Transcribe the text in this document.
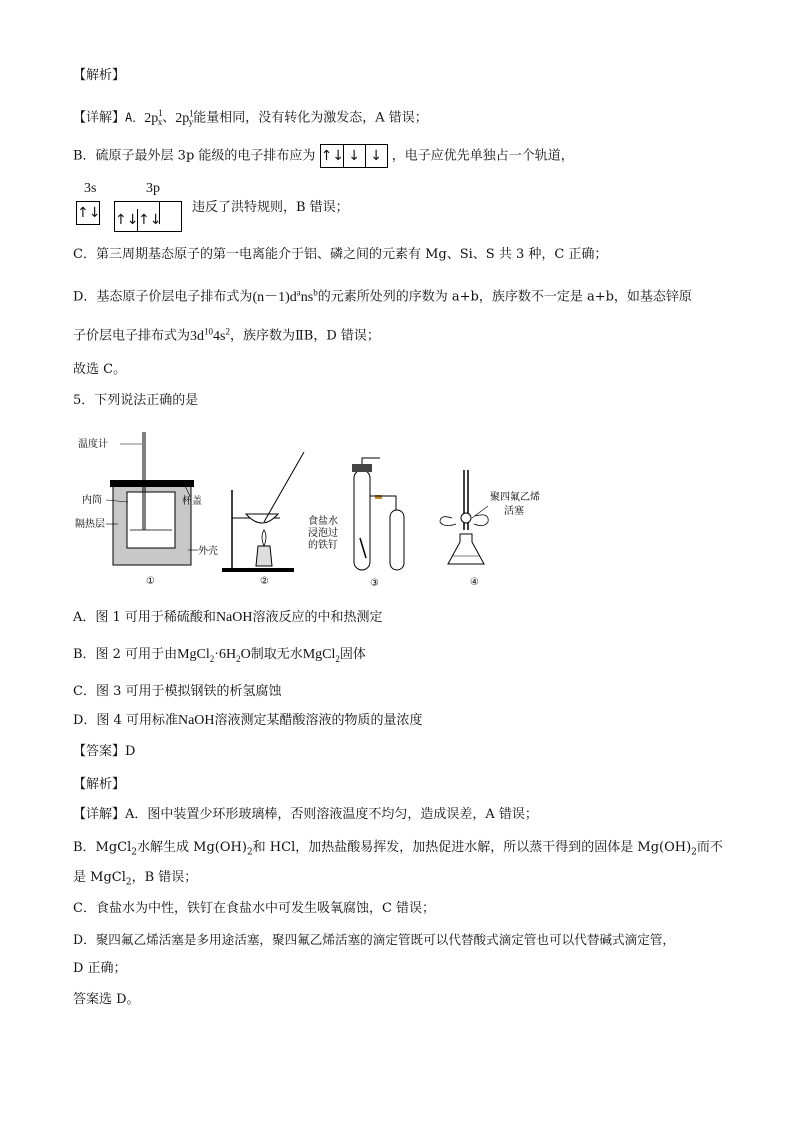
【解析】
【详解】A．$2p^1_x$、$2p^1_y$能量相同，没有转化为激发态，A 错误；
B．硫原子最外层 3p 能级的电子排布应为 ↑↓ ↓ ↓ ，电子应优先单独占一个轨道，
3s	3p
↑↓ ↑↓↑↓
违反了洪特规则，B 错误；
C．第三周期基态原子的第一电离能介于铝、磷之间的元素有 Mg、Si、S 共 3 种，C 正确；
D．基态原子价层电子排布式为$(n-1)d^ans^b$的元素所处列的序数为 a+b，族序数不一定是 a+b，如基态锌原
子价层电子排布式为$3d^{10}4s^2$，族序数为ⅡB，D 错误；
故选 C。
5．下列说法正确的是
温度计
内筒	杯盖
隔热层
外壳
①	②
食盐水
浸泡过
的铁钉
③
聚四氟乙烯
活塞
④
A．图 1 可用于稀硫酸和NaOH溶液反应的中和热测定
B．图 2 可用于由$MgCl_2\cdot 6H_2O$制取无水MgCl$_2$固体
C．图 3 可用于模拟钢铁的析氢腐蚀
D．图 4 可用标准NaOH溶液测定某醋酸溶液的物质的量浓度
【答案】D
【解析】
【详解】A．图中装置少环形玻璃棒，否则溶液温度不均匀，造成误差，A 错误；
B．MgCl$_2$水解生成 $Mg(OH)_2$和 HCl，加热盐酸易挥发，加热促进水解，所以蒸干得到的固体是 $Mg(OH)_2$而不
是 MgCl$_2$，B 错误；
C．食盐水为中性，铁钉在食盐水中可发生吸氧腐蚀，C 错误；
D．聚四氟乙烯活塞是多用途活塞，聚四氟乙烯活塞的滴定管既可以代替酸式滴定管也可以代替碱式滴定管，
D 正确；
答案选 D。
